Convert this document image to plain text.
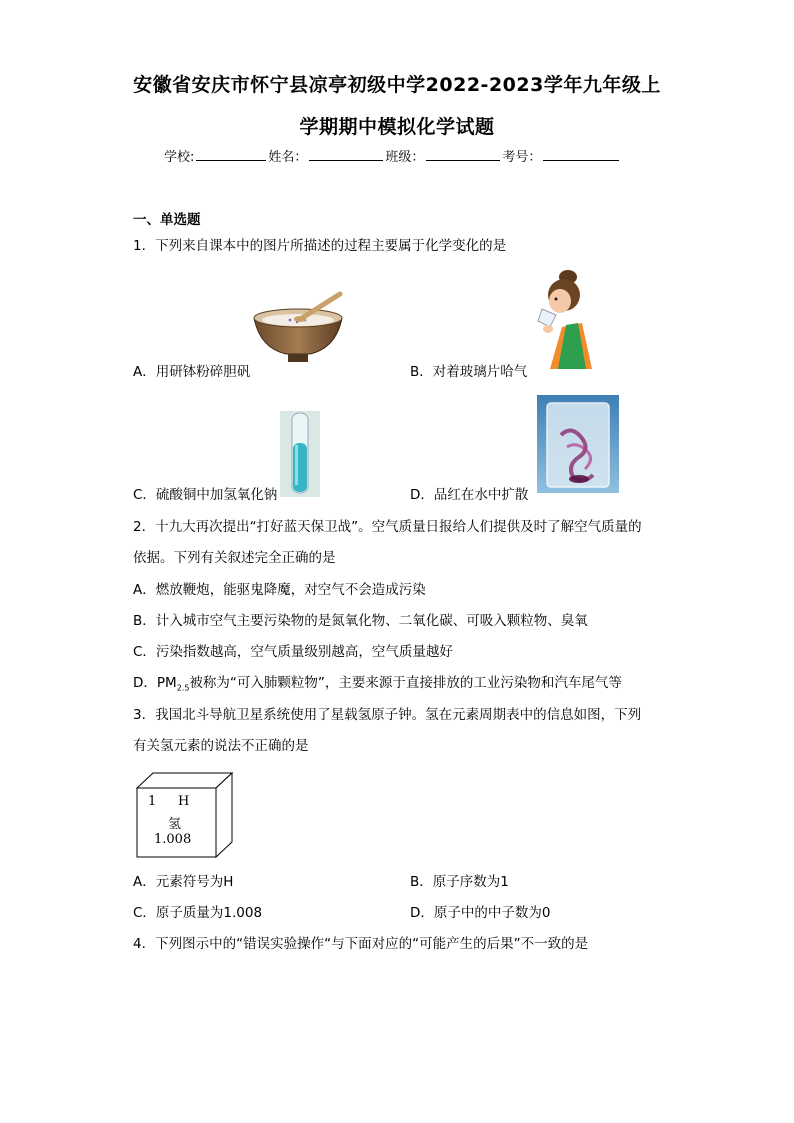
安徽省安庆市怀宁县凉亭初级中学2022-2023学年九年级上
学期期中模拟化学试题
学校:	姓名：	班级：	考号：
一、单选题
1．下列来自课本中的图片所描述的过程主要属于化学变化的是
A．用研钵粉碎胆矾	B．对着玻璃片哈气
C．硫酸铜中加氢氧化钠	D．品红在水中扩散
2．十九大再次提出“打好蓝天保卫战”。空气质量日报给人们提供及时了解空气质量的
依据。下列有关叙述完全正确的是
A．燃放鞭炮，能驱鬼降魔，对空气不会造成污染
B．计入城市空气主要污染物的是氮氧化物、二氧化碳、可吸入颗粒物、臭氧
C．污染指数越高，空气质量级别越高，空气质量越好
D．$PM_{2.5}$被称为“可入肺颗粒物”，主要来源于直接排放的工业污染物和汽车尾气等
3．我国北斗导航卫星系统使用了星载氢原子钟。氢在元素周期表中的信息如图，下列
有关氢元素的说法不正确的是
1 H
氢
1.008
A．元素符号为H	B．原子序数为1
C．原子质量为1.008	D．原子中的中子数为0
4．下列图示中的“错误实验操作“与下面对应的“可能产生的后果”不一致的是
